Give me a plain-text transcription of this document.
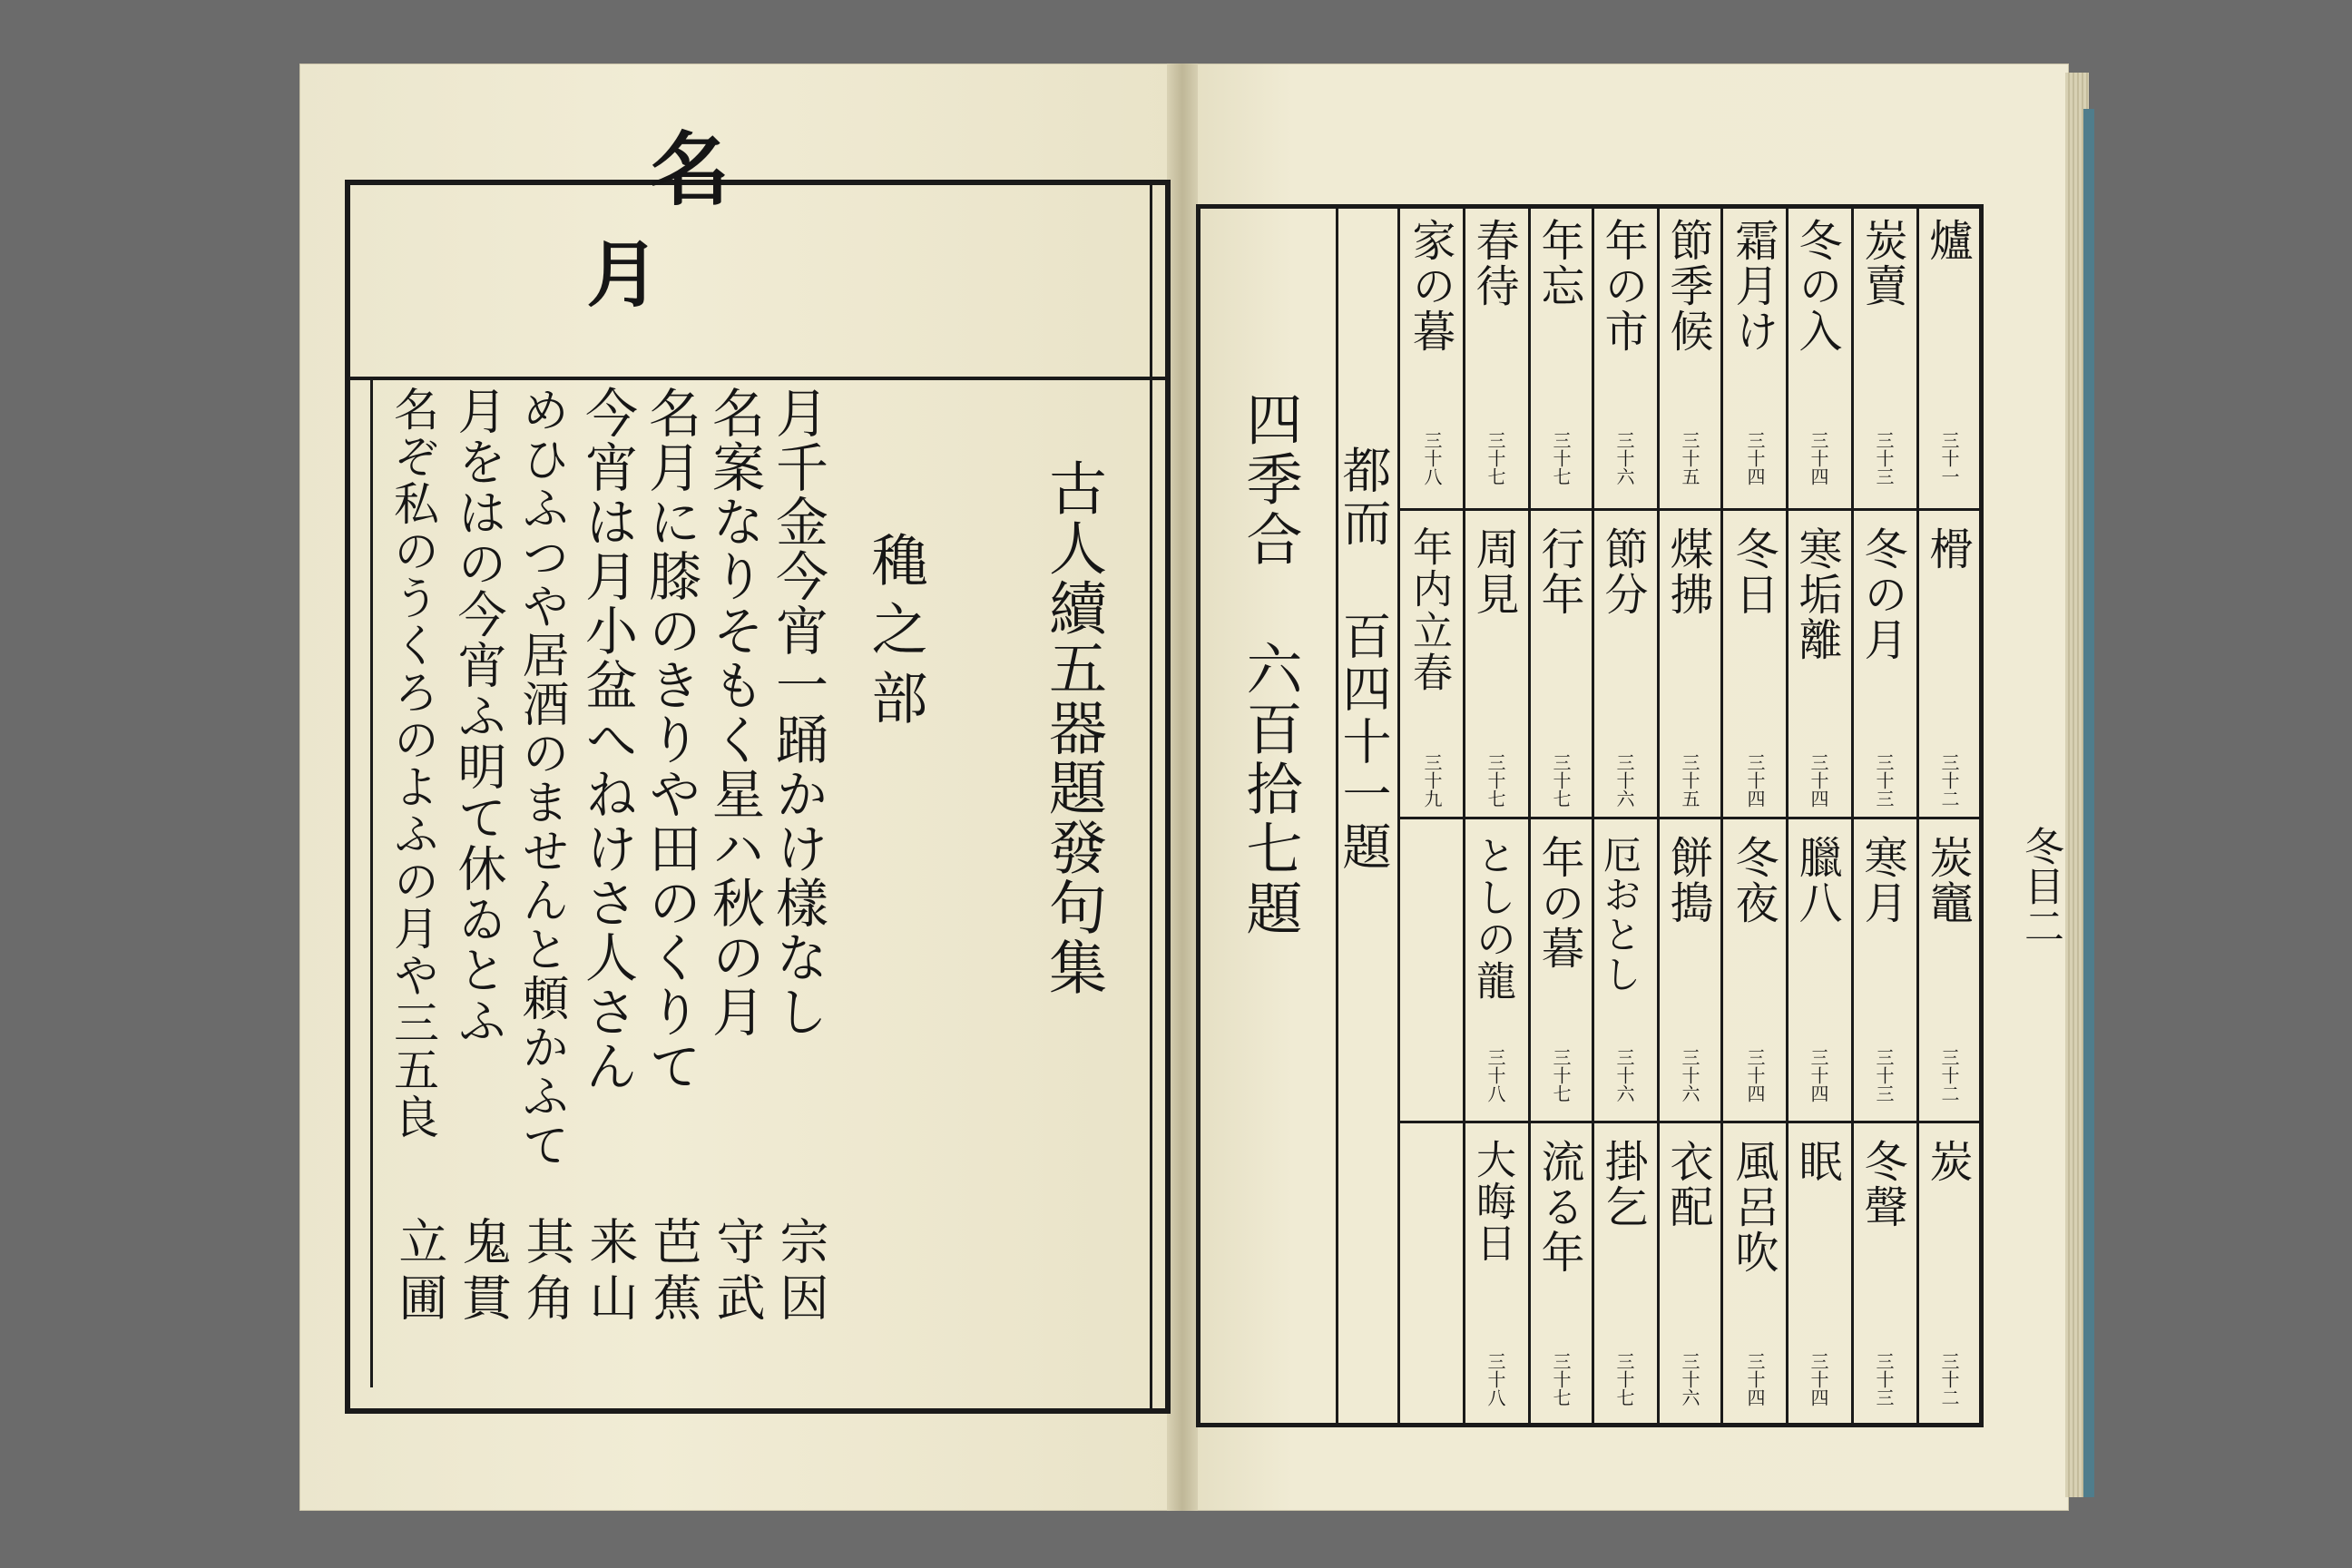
名
月
古人續五器題發句集
穐之部
月千金今宵一踊かけ樣なし
名案なりそもく星ハ秋の月
名月に膝のきりや田のくりて
今宵は月小盆へねけさ人さん
めひふつや居酒のませんと頼かふて
月をはの今宵ふ明て休ゐとふ
名ぞ私のうくろのよふの月や三五良
宗因
守武
芭蕉
来山
其角
鬼貫
立圃
四季合 六百拾七題 都而 百四十一題
冬目二
爐
三十一
榾
三十二
炭竈
三十二
炭
三十二
炭賣
三十三
冬の月
三十三
寒月
三十三
冬聲
三十三
冬の入
三十四
寒垢離
三十四
臘八
三十四
眠
三十四
霜月け
三十四
冬日
三十四
冬夜
三十四
風呂吹
三十四
節季候
三十五
煤拂
三十五
餅搗
三十六
衣配
三十六
年の市
三十六
節分
三十六
厄おとし
三十六
掛乞
三十七
年忘
三十七
行年
三十七
年の暮
三十七
流る年
三十七
春待
三十七
周見
三十七
としの龍
三十八
大晦日
三十八
家の暮
三十八
年内立春
三十九
